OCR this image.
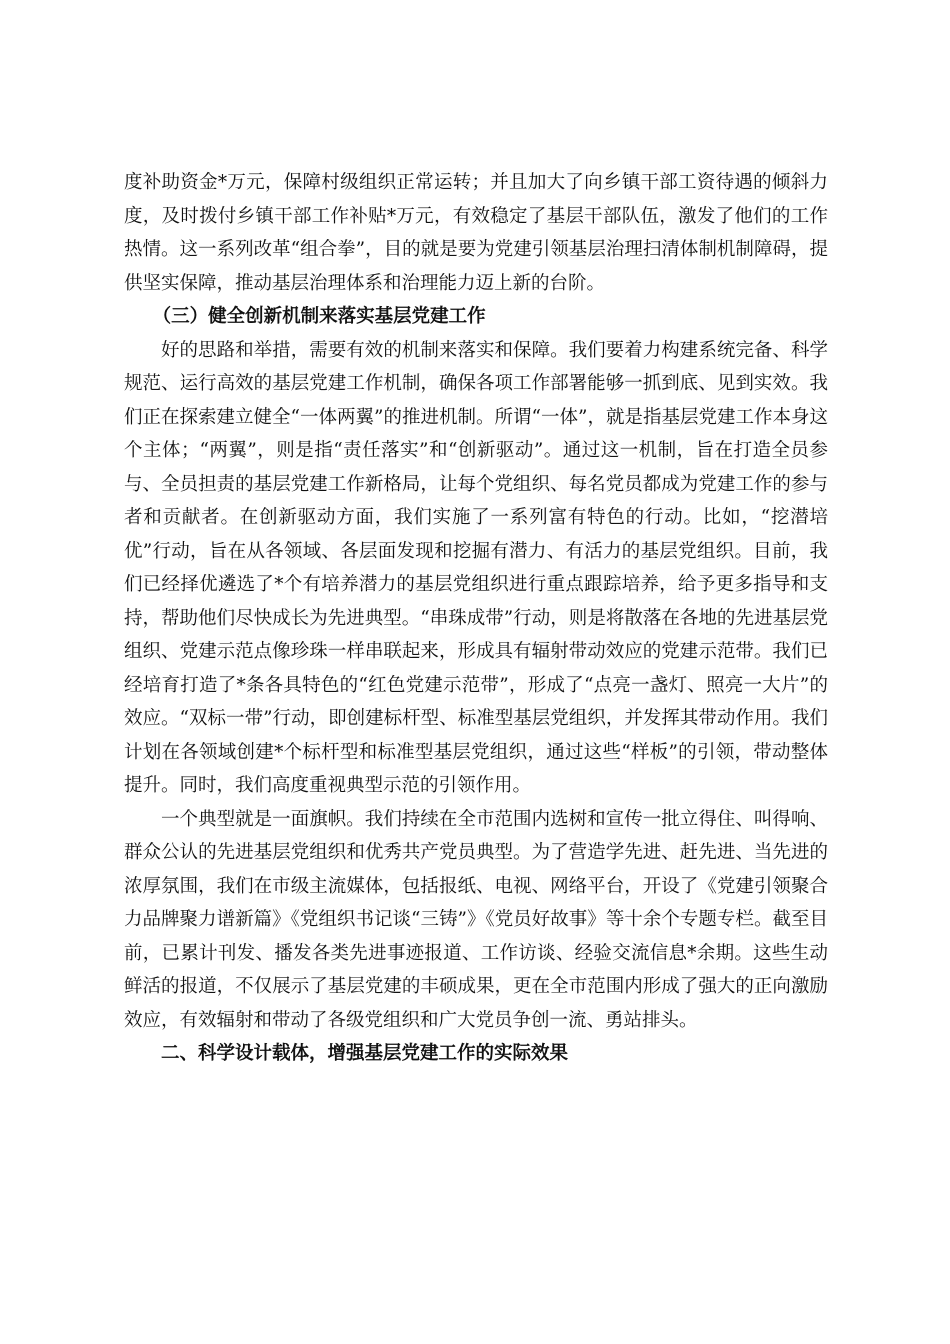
度补助资金*万元，保障村级组织正常运转；并且加大了向乡镇干部工资待遇的倾斜力度，及时拨付乡镇干部工作补贴*万元，有效稳定了基层干部队伍，激发了他们的工作热情。这一系列改革“组合拳”，目的就是要为党建引领基层治理扫清体制机制障碍，提供坚实保障，推动基层治理体系和治理能力迈上新的台阶。

（三）健全创新机制来落实基层党建工作

好的思路和举措，需要有效的机制来落实和保障。我们要着力构建系统完备、科学规范、运行高效的基层党建工作机制，确保各项工作部署能够一抓到底、见到实效。我们正在探索建立健全“一体两翼”的推进机制。所谓“一体”，就是指基层党建工作本身这个主体；“两翼”，则是指“责任落实”和“创新驱动”。通过这一机制，旨在打造全员参与、全员担责的基层党建工作新格局，让每个党组织、每名党员都成为党建工作的参与者和贡献者。在创新驱动方面，我们实施了一系列富有特色的行动。比如，“挖潜培优”行动，旨在从各领域、各层面发现和挖掘有潜力、有活力的基层党组织。目前，我们已经择优遴选了*个有培养潜力的基层党组织进行重点跟踪培养，给予更多指导和支持，帮助他们尽快成长为先进典型。“串珠成带”行动，则是将散落在各地的先进基层党组织、党建示范点像珍珠一样串联起来，形成具有辐射带动效应的党建示范带。我们已经培育打造了*条各具特色的“红色党建示范带”，形成了“点亮一盏灯、照亮一大片”的效应。“双标一带”行动，即创建标杆型、标准型基层党组织，并发挥其带动作用。我们计划在各领域创建*个标杆型和标准型基层党组织，通过这些“样板”的引领，带动整体提升。同时，我们高度重视典型示范的引领作用。

一个典型就是一面旗帜。我们持续在全市范围内选树和宣传一批立得住、叫得响、群众公认的先进基层党组织和优秀共产党员典型。为了营造学先进、赶先进、当先进的浓厚氛围，我们在市级主流媒体，包括报纸、电视、网络平台，开设了《党建引领聚合力品牌聚力谱新篇》《党组织书记谈“三铸”》《党员好故事》等十余个专题专栏。截至目前，已累计刊发、播发各类先进事迹报道、工作访谈、经验交流信息*余期。这些生动鲜活的报道，不仅展示了基层党建的丰硕成果，更在全市范围内形成了强大的正向激励效应，有效辐射和带动了各级党组织和广大党员争创一流、勇站排头。

二、科学设计载体，增强基层党建工作的实际效果
